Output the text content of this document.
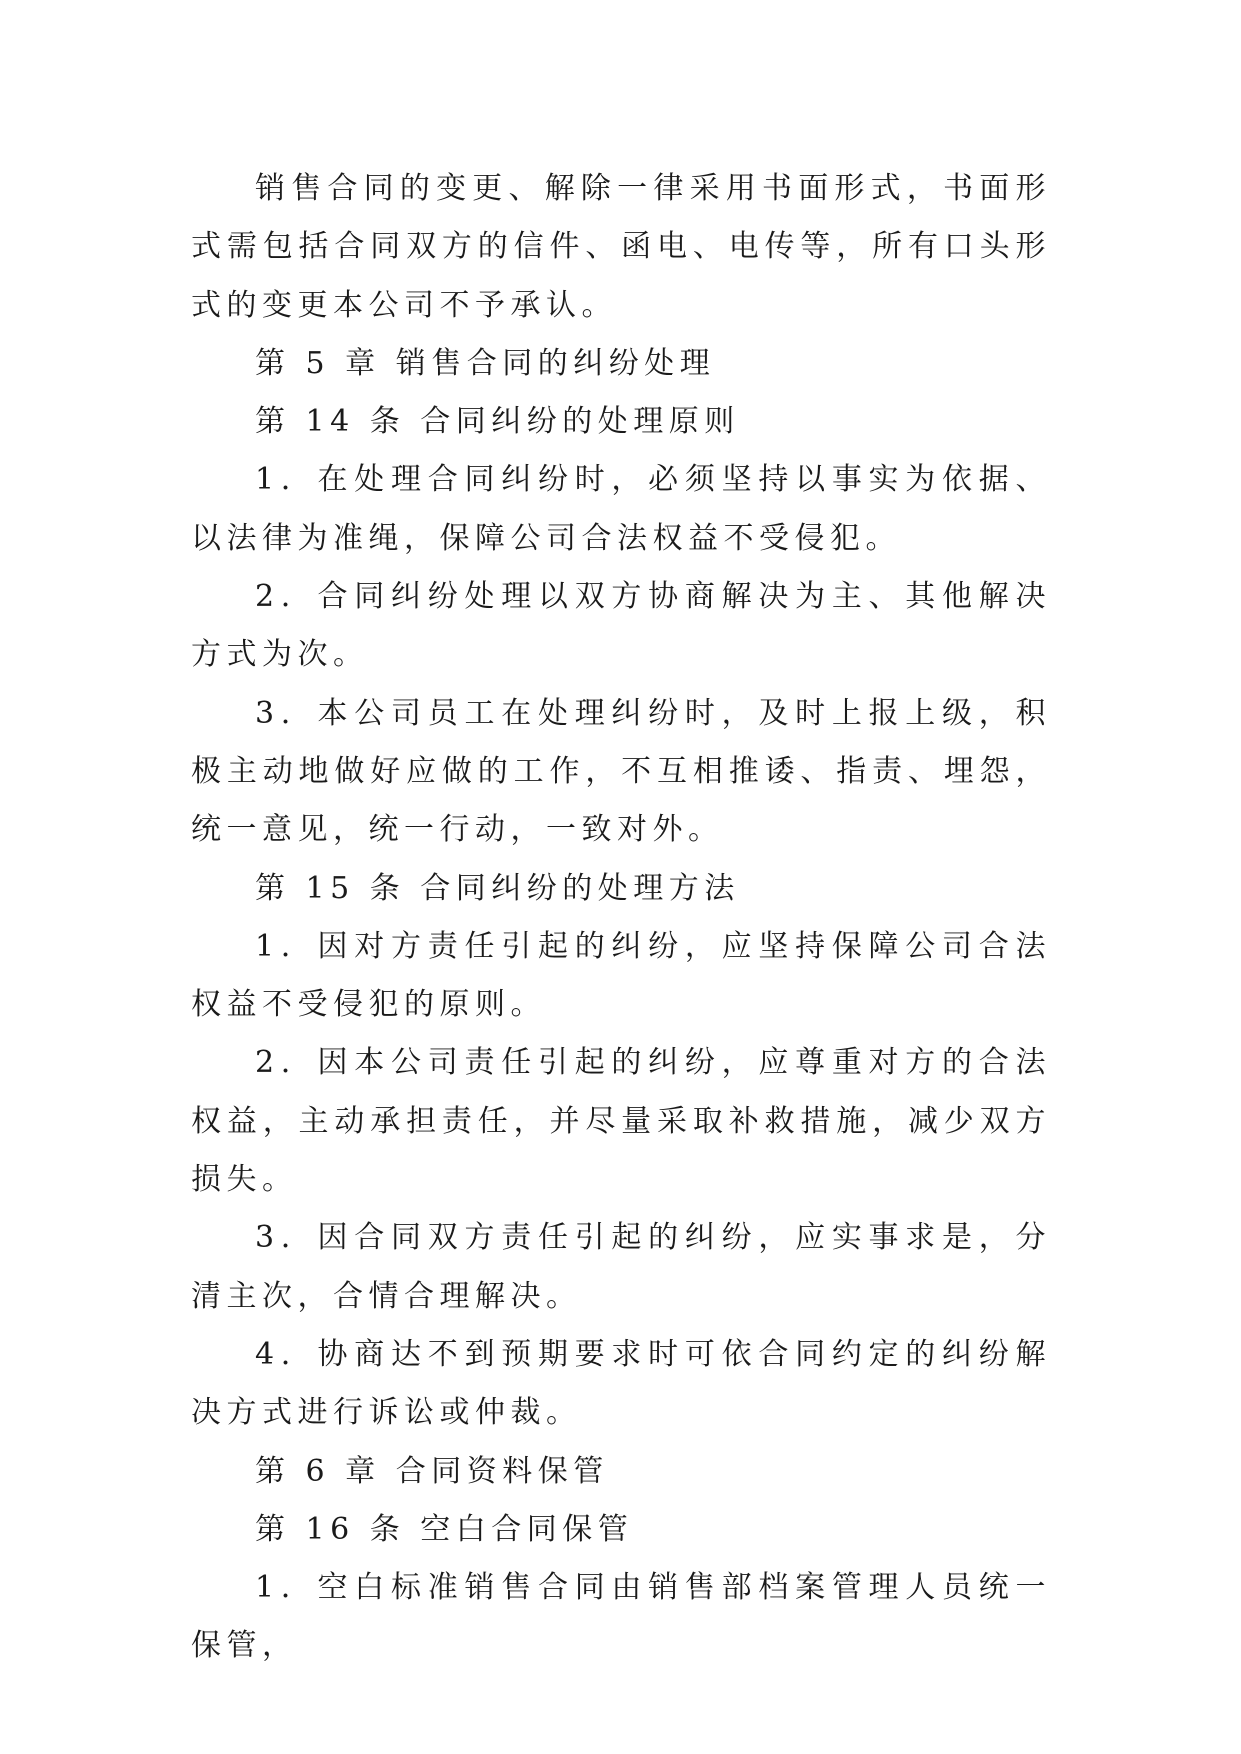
销售合同的变更、解除一律采用书面形式，书面形式需包括合同双方的信件、函电、电传等，所有口头形式的变更本公司不予承认。

第 5 章 销售合同的纠纷处理

第 14 条 合同纠纷的处理原则

1．在处理合同纠纷时，必须坚持以事实为依据、以法律为准绳，保障公司合法权益不受侵犯。

2．合同纠纷处理以双方协商解决为主、其他解决方式为次。

3．本公司员工在处理纠纷时，及时上报上级，积极主动地做好应做的工作，不互相推诿、指责、埋怨，统一意见，统一行动，一致对外。

第 15 条 合同纠纷的处理方法

1．因对方责任引起的纠纷，应坚持保障公司合法权益不受侵犯的原则。

2．因本公司责任引起的纠纷，应尊重对方的合法权益，主动承担责任，并尽量采取补救措施，减少双方损失。

3．因合同双方责任引起的纠纷，应实事求是，分清主次，合情合理解决。

4．协商达不到预期要求时可依合同约定的纠纷解决方式进行诉讼或仲裁。

第 6 章 合同资料保管

第 16 条 空白合同保管

1．空白标准销售合同由销售部档案管理人员统一保管，
